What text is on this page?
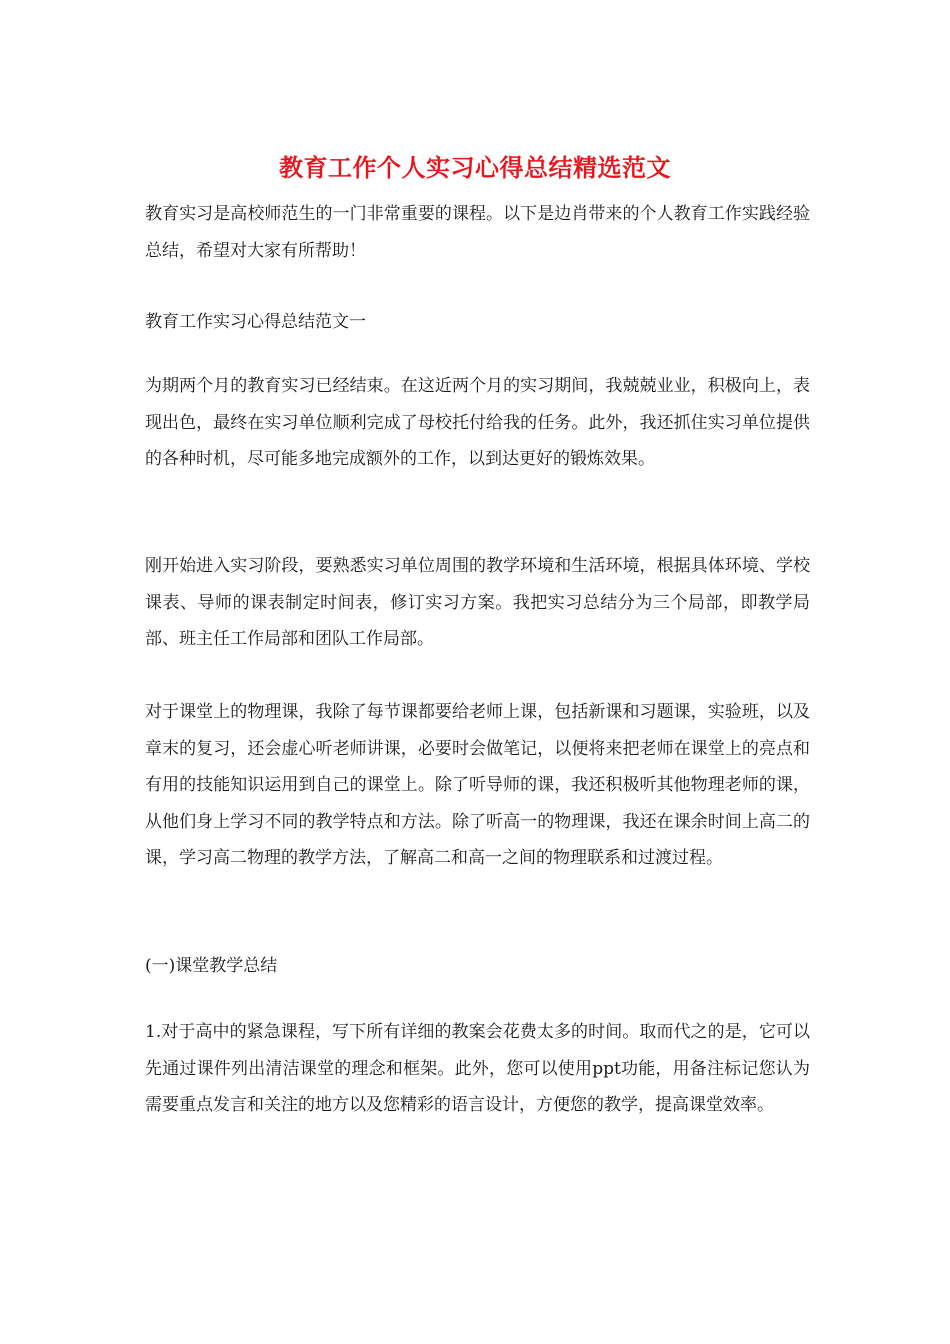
教育工作个人实习心得总结精选范文
教育实习是高校师范生的一门非常重要的课程。以下是边肖带来的个人教育工作实践经验总结，希望对大家有所帮助！
教育工作实习心得总结范文一
为期两个月的教育实习已经结束。在这近两个月的实习期间，我兢兢业业，积极向上，表现出色，最终在实习单位顺利完成了母校托付给我的任务。此外，我还抓住实习单位提供的各种时机，尽可能多地完成额外的工作，以到达更好的锻炼效果。
刚开始进入实习阶段，要熟悉实习单位周围的教学环境和生活环境，根据具体环境、学校课表、导师的课表制定时间表，修订实习方案。我把实习总结分为三个局部，即教学局部、班主任工作局部和团队工作局部。
对于课堂上的物理课，我除了每节课都要给老师上课，包括新课和习题课，实验班，以及章末的复习，还会虚心听老师讲课，必要时会做笔记，以便将来把老师在课堂上的亮点和有用的技能知识运用到自己的课堂上。除了听导师的课，我还积极听其他物理老师的课，从他们身上学习不同的教学特点和方法。除了听高一的物理课，我还在课余时间上高二的课，学习高二物理的教学方法，了解高二和高一之间的物理联系和过渡过程。
(一)课堂教学总结
1.对于高中的紧急课程，写下所有详细的教案会花费太多的时间。取而代之的是，它可以先通过课件列出清洁课堂的理念和框架。此外，您可以使用ppt功能，用备注标记您认为需要重点发言和关注的地方以及您精彩的语言设计，方便您的教学，提高课堂效率。
